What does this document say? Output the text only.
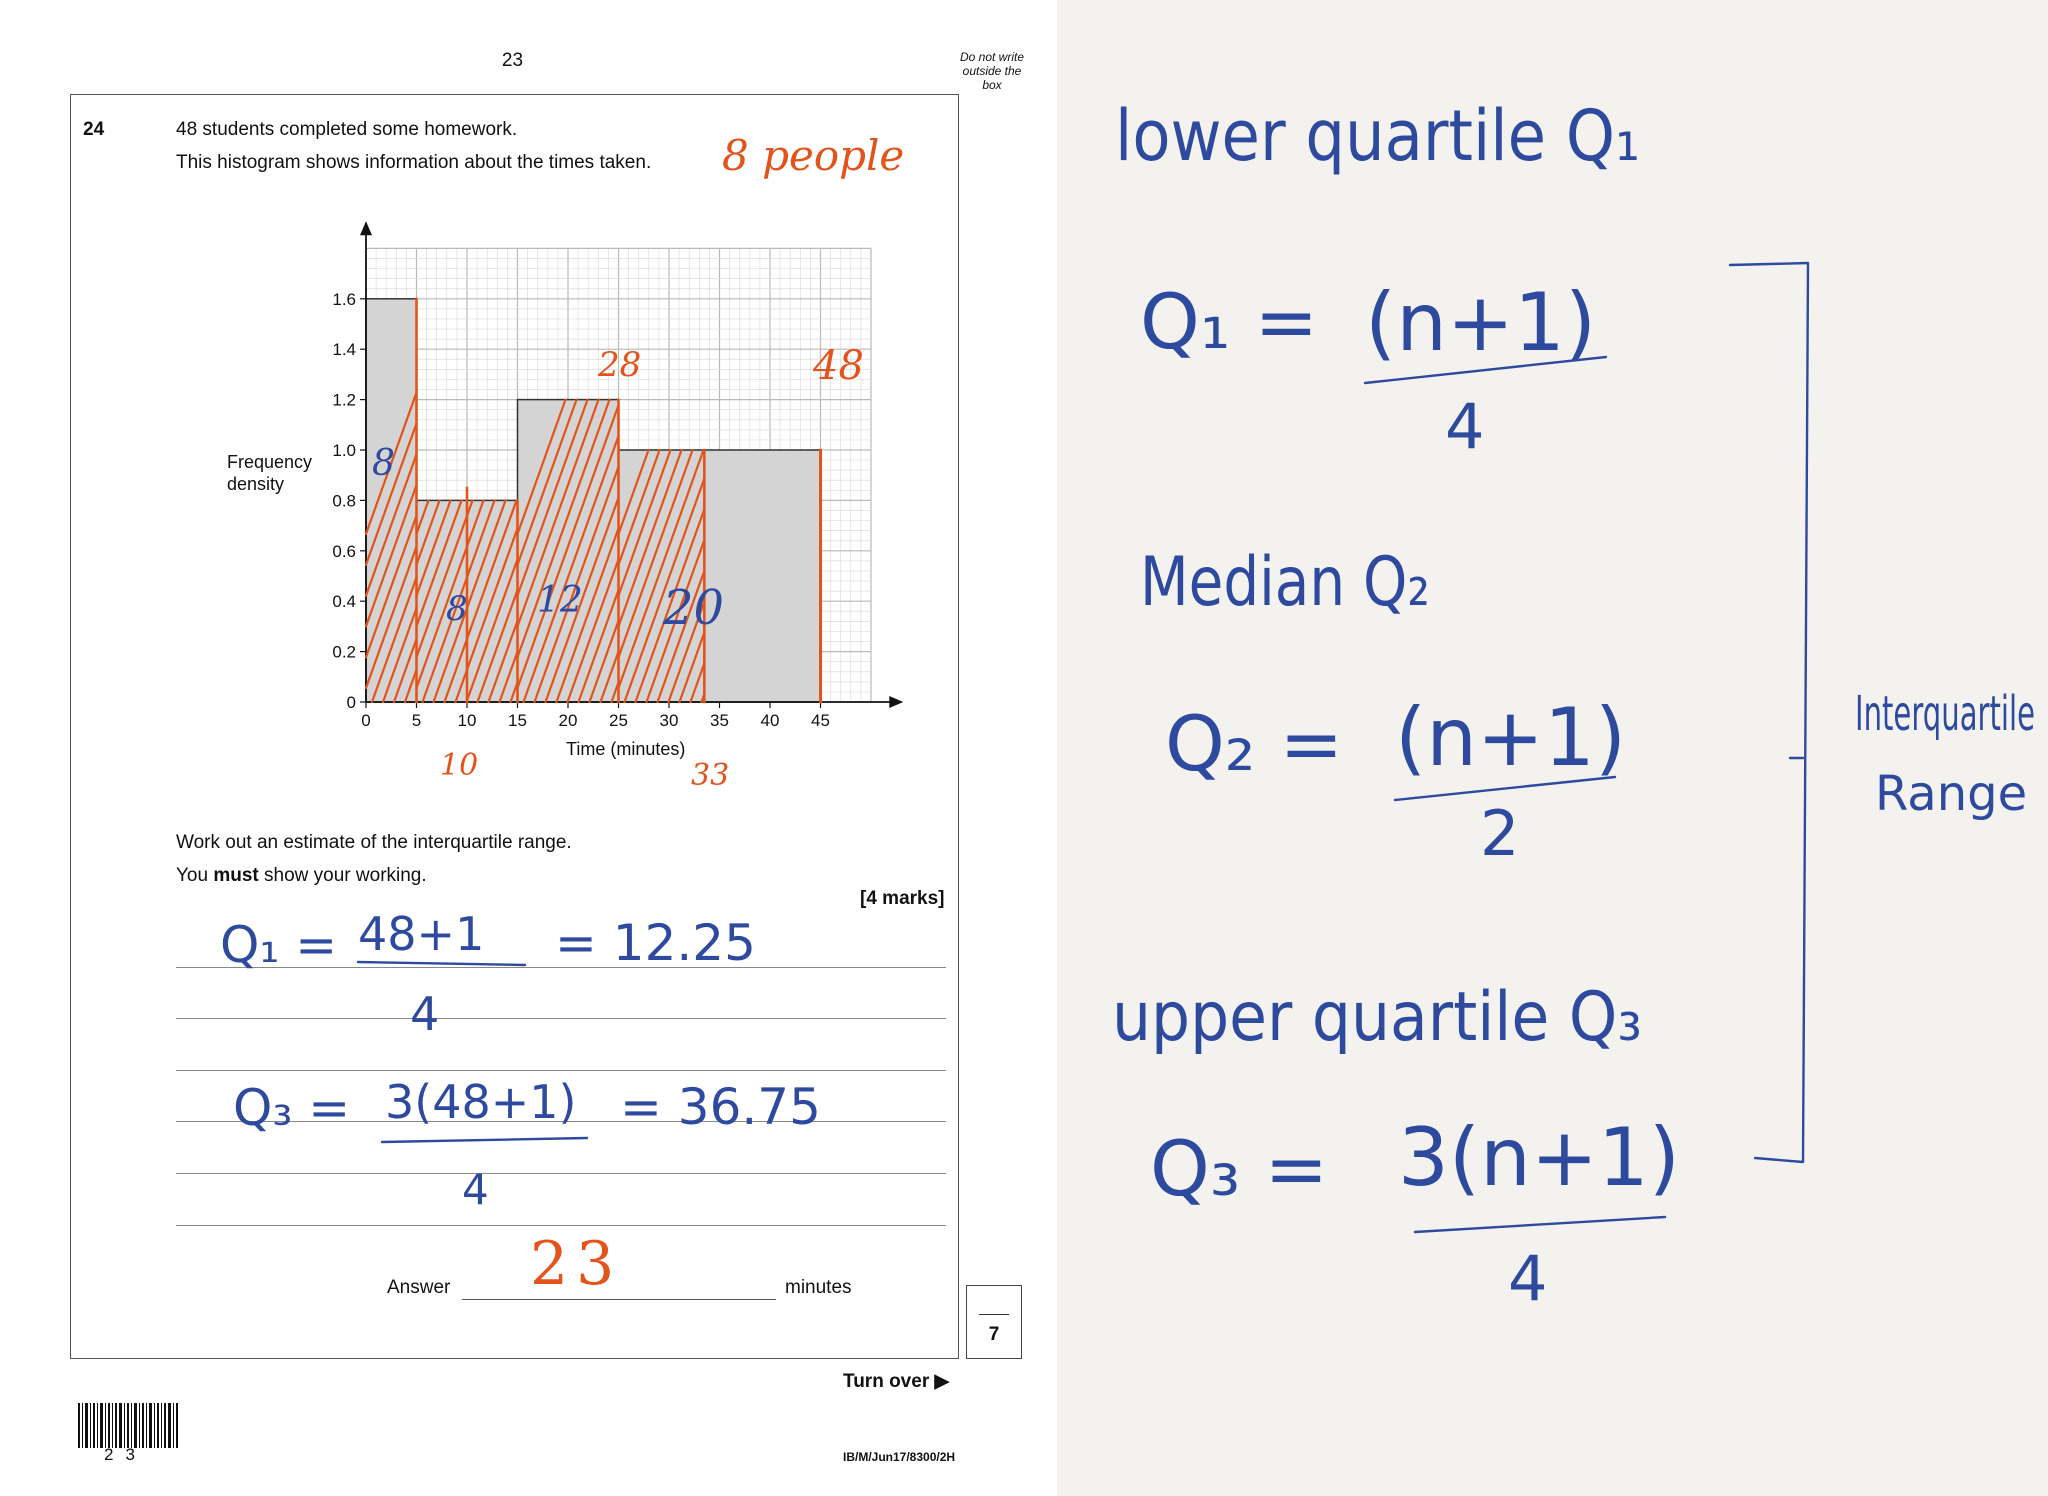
23	Do not write outside the box
24	48 students completed some homework.
This histogram shows information about the times taken.
Work out an estimate of the interquartile range.
You must show your working.
[4 marks]
Answer	minutes
7
Turn over ▶
23	IB/M/Jun17/8300/2H
0 5 10 15 20 25 30 35 40 45
0
0.2
0.4
0.6
0.8
1.0
1.2
1.4
1.6
Frequency
density
Time (minutes)
8 people
28	48
10	33
23
8
8 12 20
Q₁ = 48+1
4
= 12.25
Q₃ = 3(48+1)
4
= 36.75
lower quartile Q₁
Q₁ = (n+1)
4
Median Q₂
Q₂ = (n+1)
2
upper quartile Q₃
Q₃ = 3(n+1)
4
Interquartile
Range
